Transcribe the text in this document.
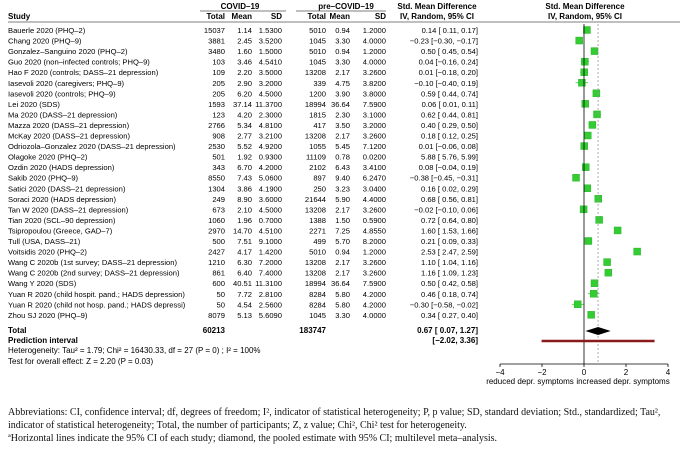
COVID–19	pre–COVID–19	Std. Mean Difference
IV, Random, 95% CI
Std. Mean Difference
IV, Random, 95% CI
Study	Total Mean SD	Total Mean	SD
Bauerle 2020 (PHQ–2)	15037 1.14 1.5300	5010 0.94 1.2000	0.14 [ 0.11, 0.17]
Chang 2020 (PHQ–9)	3881 2.45 3.5200	1045 3.30 4.0000	−0.23 [−0.30, −0.17]
Gonzalez–Sanguino 2020 (PHQ–2)	3480 1.60 1.5000	5010 0.94 1.2000	0.50 [ 0.45, 0.54]
Guo 2020 (non–infected controls; PHQ–9)	103 3.46 4.5410	1045 3.30 4.0000	0.04 [−0.16, 0.24]
Hao F 2020 (controls; DASS–21 depression)	109 2.20 3.5000	13208 2.17 3.2600	0.01 [−0.18, 0.20]
Iasevoli 2020 (caregivers; PHQ–9)	205 2.90 3.2000	339 4.75 3.8200	−0.10 [−0.40, 0.19]
Iasevoli 2020 (controls; PHQ–9)	205 6.20 4.5000	1200 3.90 3.8000	0.59 [ 0.44, 0.74]
Lei 2020 (SDS)	1593 37.14 11.3700	18994 36.64 7.5900	0.06 [ 0.01, 0.11]
Ma 2020 (DASS–21 depression)	123 4.20 2.3000	1815 2.30 3.1000	0.62 [ 0.44, 0.81]
Mazza 2020 (DASS–21 depression)	2766 5.34 4.8100	417 3.50 3.2000	0.40 [ 0.29, 0.50]
McKay 2020 (DASS–21 depression)	908 2.77 3.2100	13208 2.17 3.2600	0.18 [ 0.12, 0.25]
Odriozola–Gonzalez 2020 (DASS–21 depression)	2530 5.52 4.9200	1055 5.45 7.1200	0.01 [−0.06, 0.08]
Olagoke 2020 (PHQ–2)	501 1.92 0.9300	11109 0.78 0.0200	5.88 [ 5.76, 5.99]
Ozdin 2020 (HADS depression)	343 6.70 4.2000	2102 6.43 3.4100	0.08 [−0.04, 0.19]
Sakib 2020 (PHQ–9)	8550 7.43 5.0600	897 9.40 6.2470	−0.38 [−0.45, −0.31]
Satici 2020 (DASS–21 depression)	1304 3.86 4.1900	250 3.23 3.0400	0.16 [ 0.02, 0.29]
Soraci 2020 (HADS depression)	249 8.90 3.6000	21644 5.90 4.4000	0.68 [ 0.56, 0.81]
Tan W 2020 (DASS–21 depression)	673 2.10 4.5000	13208 2.17 3.2600	−0.02 [−0.10, 0.06]
Tian 2020 (SCL–90 depression)	1060 1.96 0.7000	1388 1.50 0.5900	0.72 [ 0.64, 0.80]
Tsipropoulou (Greece, GAD–7)	2970 14.70 4.5100	2271 7.25 4.8550	1.60 [ 1.53, 1.66]
Tull (USA, DASS–21)	500 7.51 9.1000	499 5.70 8.2000	0.21 [ 0.09, 0.33]
Voitsidis 2020 (PHQ–2)	2427 4.17 1.4200	5010 0.94 1.2000	2.53 [ 2.47, 2.59]
Wang C 2020b (1st survey; DASS–21 depression)	1210 6.30 7.2000	13208 2.17 3.2600	1.10 [ 1.04, 1.16]
Wang C 2020b (2nd survey; DASS–21 depression)	861 6.40 7.4000	13208 2.17 3.2600	1.16 [ 1.09, 1.23]
Wang Y 2020 (SDS)	600 40.51 11.3100	18994 36.64 7.5900	0.50 [ 0.42, 0.58]
Yuan R 2020 (child hospit. pand.; HADS depression)	50 7.72 2.8100	8284 5.80 4.2000	0.46 [ 0.18, 0.74]
Yuan R 2020 (child not hosp. pand.; HADS depressi)	50 4.54 2.5600	8284 5.80 4.2000	−0.30 [−0.58, −0.02]
Zhou SJ 2020 (PHQ–9)	8079 5.13 5.6090	1045 3.30 4.0000	0.34 [ 0.27, 0.40]
Total	60213	183747	0.67 [ 0.07, 1.27]
Prediction interval	[−2.02, 3.36]
Heterogeneity: Tau² = 1.79; Chi² = 16430.33, df = 27 (P = 0) ; I² = 100%
Test for overall effect: Z = 2.20 (P = 0.03)
reduced depr. symptoms increased depr. symptoms
−4	−2	0	2	4

Abbreviations: CI, confidence interval; df, degrees of freedom; I², indicator of statistical heterogeneity; P, p value; SD, standard deviation; Std., standardized; Tau², indicator of statistical heterogeneity; Total, the number of participants; Z, z value; Chi², Chi² test for heterogeneity.

ªHorizontal lines indicate the 95% CI of each study; diamond, the pooled estimate with 95% CI; multilevel meta–analysis.
